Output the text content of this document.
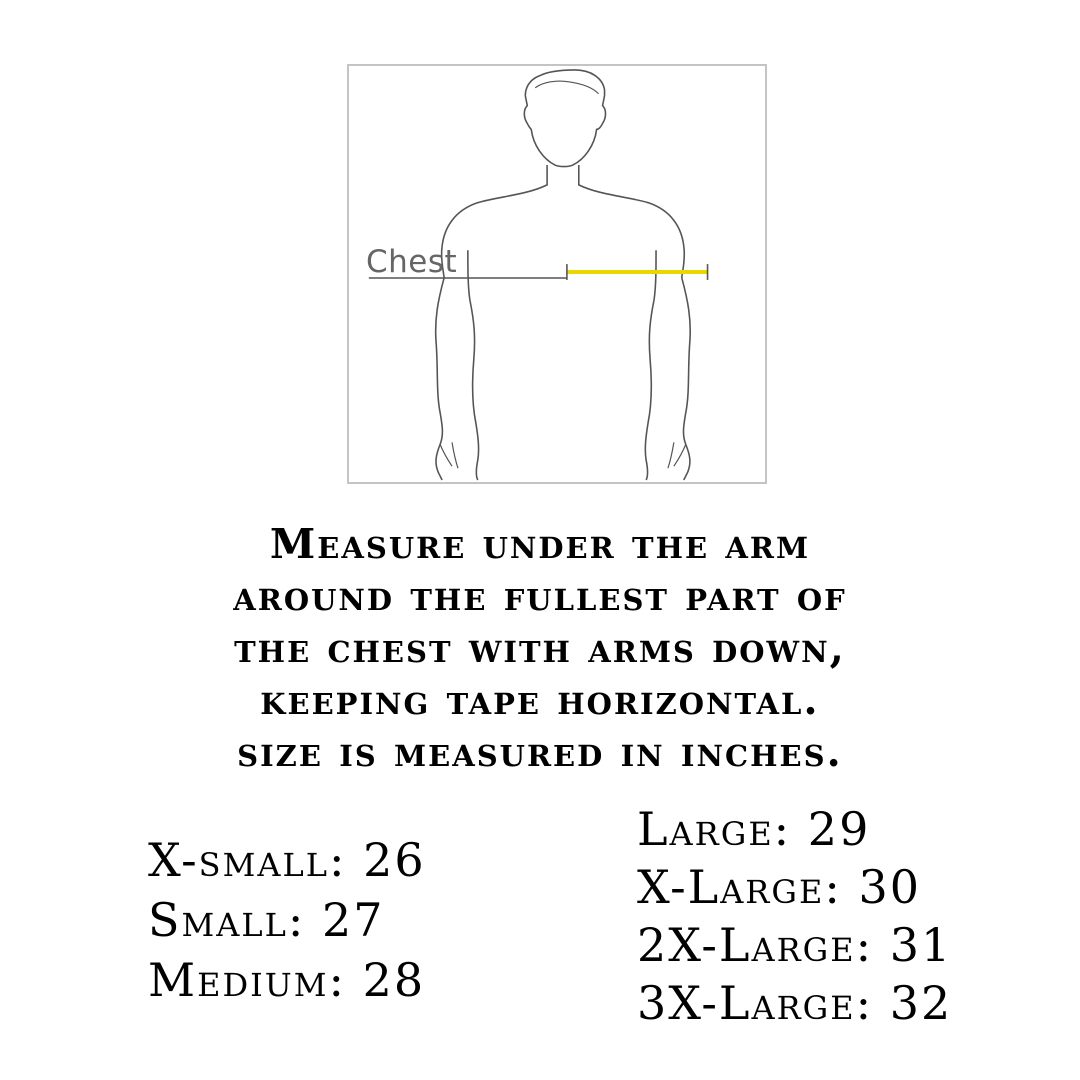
Chest
Measure under the arm
around the fullest part of
the chest with arms down,
keeping tape horizontal.
size is measured in inches.
X-small: 26
Small: 27
Medium: 28
Large: 29
X-Large: 30
2X-Large: 31
3X-Large: 32
